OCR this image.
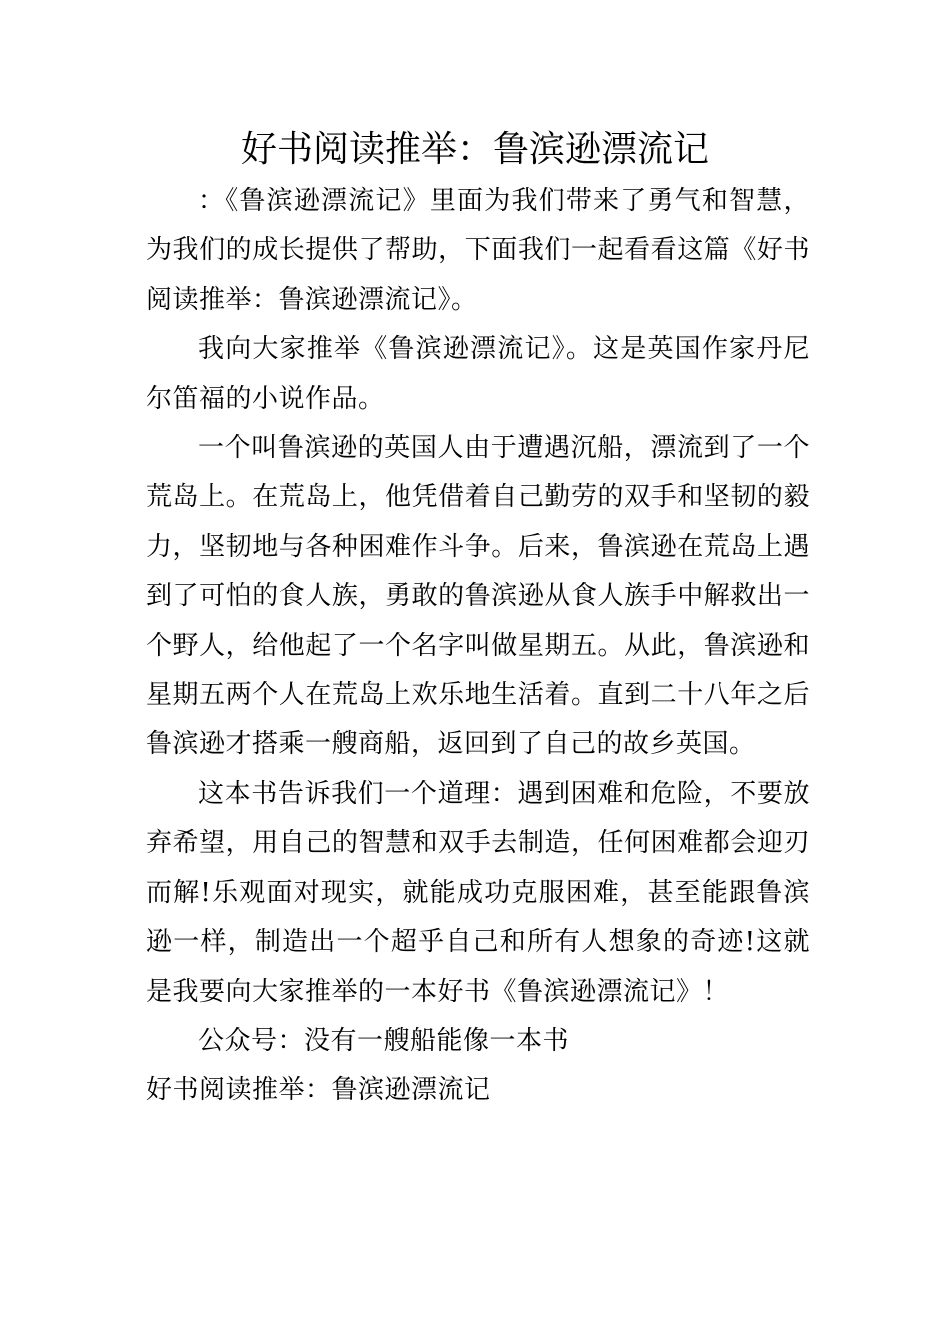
好书阅读推举：鲁滨逊漂流记

：《鲁滨逊漂流记》里面为我们带来了勇气和智慧，为我们的成长提供了帮助，下面我们一起看看这篇《好书阅读推举：鲁滨逊漂流记》。

我向大家推举《鲁滨逊漂流记》。这是英国作家丹尼尔笛福的小说作品。

一个叫鲁滨逊的英国人由于遭遇沉船，漂流到了一个荒岛上。在荒岛上，他凭借着自己勤劳的双手和坚韧的毅力，坚韧地与各种困难作斗争。后来，鲁滨逊在荒岛上遇到了可怕的食人族，勇敢的鲁滨逊从食人族手中解救出一个野人，给他起了一个名字叫做星期五。从此，鲁滨逊和星期五两个人在荒岛上欢乐地生活着。直到二十八年之后鲁滨逊才搭乘一艘商船，返回到了自己的故乡英国。

这本书告诉我们一个道理：遇到困难和危险，不要放弃希望，用自己的智慧和双手去制造，任何困难都会迎刃而解!乐观面对现实，就能成功克服困难，甚至能跟鲁滨逊一样，制造出一个超乎自己和所有人想象的奇迹!这就是我要向大家推举的一本好书《鲁滨逊漂流记》！

公众号：没有一艘船能像一本书

好书阅读推举：鲁滨逊漂流记
